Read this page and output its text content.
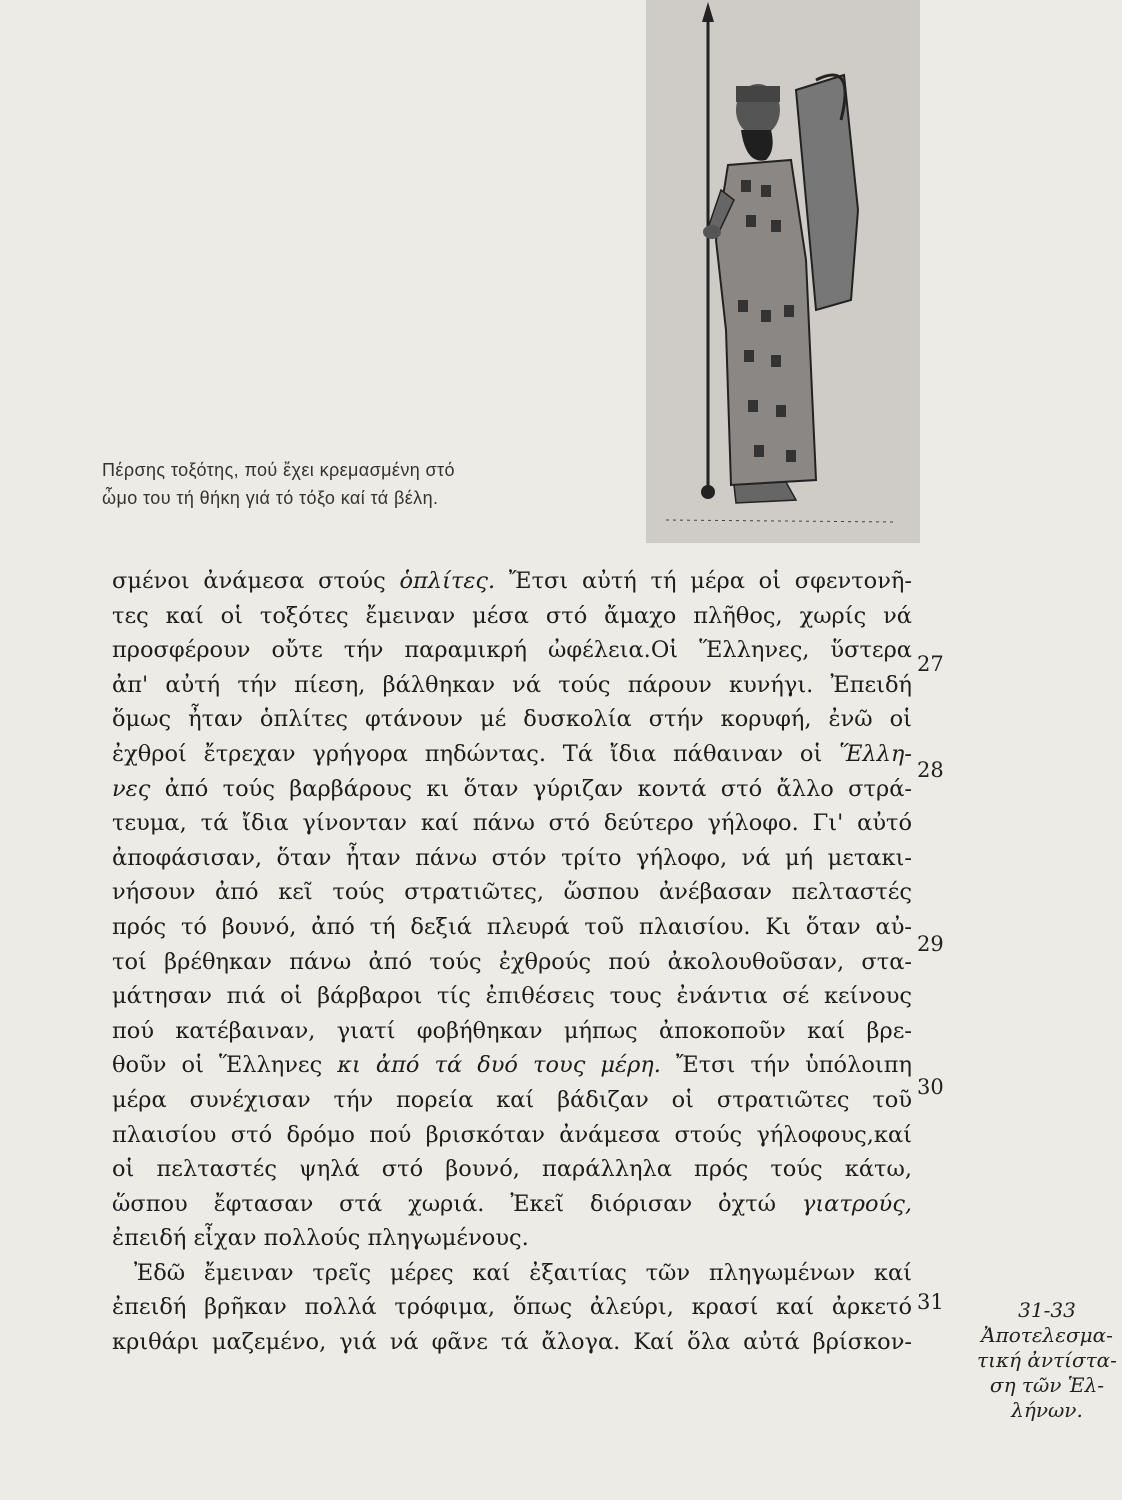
Πέρσης τοξότης, πού ἔχει κρεμασμένη στό
ὦμο του τή θήκη γιά τό τόξο καί τά βέλη.
σμένοι ἀνάμεσα στούς ὁπλίτες. Ἔτσι αὐτή τή μέρα οἱ σφεντονῆ-
τες καί οἱ τοξότες ἔμειναν μέσα στό ἄμαχο πλῆθος, χωρίς νά
προσφέρουν οὔτε τήν παραμικρή ὠφέλεια.Οἱ Ἕλληνες, ὕστερα
ἀπ' αὐτή τήν πίεση, βάλθηκαν νά τούς πάρουν κυνήγι. Ἐπειδή
ὅμως ἦταν ὁπλίτες φτάνουν μέ δυσκολία στήν κορυφή, ἐνῶ οἱ
ἐχθροί ἔτρεχαν γρήγορα πηδώντας. Τά ἴδια πάθαιναν οἱ Ἕλλη-
νες ἀπό τούς βαρβάρους κι ὅταν γύριζαν κοντά στό ἄλλο στρά-
τευμα, τά ἴδια γίνονταν καί πάνω στό δεύτερο γήλοφο. Γι' αὐτό
ἀποφάσισαν, ὅταν ἦταν πάνω στόν τρίτο γήλοφο, νά μή μετακι-
νήσουν ἀπό κεῖ τούς στρατιῶτες, ὥσπου ἀνέβασαν πελταστές
πρός τό βουνό, ἀπό τή δεξιά πλευρά τοῦ πλαισίου. Κι ὅταν αὐ-
τοί βρέθηκαν πάνω ἀπό τούς ἐχθρούς πού ἀκολουθοῦσαν, στα-
μάτησαν πιά οἱ βάρβαροι τίς ἐπιθέσεις τους ἐνάντια σέ κείνους
πού κατέβαιναν, γιατί φοβήθηκαν μήπως ἀποκοποῦν καί βρε-
θοῦν οἱ Ἕλληνες κι ἀπό τά δυό τους μέρη. Ἔτσι τήν ὑπόλοιπη
μέρα συνέχισαν τήν πορεία καί βάδιζαν οἱ στρατιῶτες τοῦ
πλαισίου στό δρόμο πού βρισκόταν ἀνάμεσα στούς γήλοφους,καί
οἱ πελταστές ψηλά στό βουνό, παράλληλα πρός τούς κάτω,
ὥσπου ἔφτασαν στά χωριά. Ἐκεῖ διόρισαν ὀχτώ γιατρούς,
ἐπειδή εἶχαν πολλούς πληγωμένους.
Ἐδῶ ἔμειναν τρεῖς μέρες καί ἐξαιτίας τῶν πληγωμένων καί
ἐπειδή βρῆκαν πολλά τρόφιμα, ὅπως ἀλεύρι, κρασί καί ἀρκετό
κριθάρι μαζεμένο, γιά νά φᾶνε τά ἄλογα. Καί ὅλα αὐτά βρίσκον-
27
28
29
30
31	31-33
Ἀποτελεσμα-
τική ἀντίστα-
ση τῶν Ἑλ-
λήνων.
